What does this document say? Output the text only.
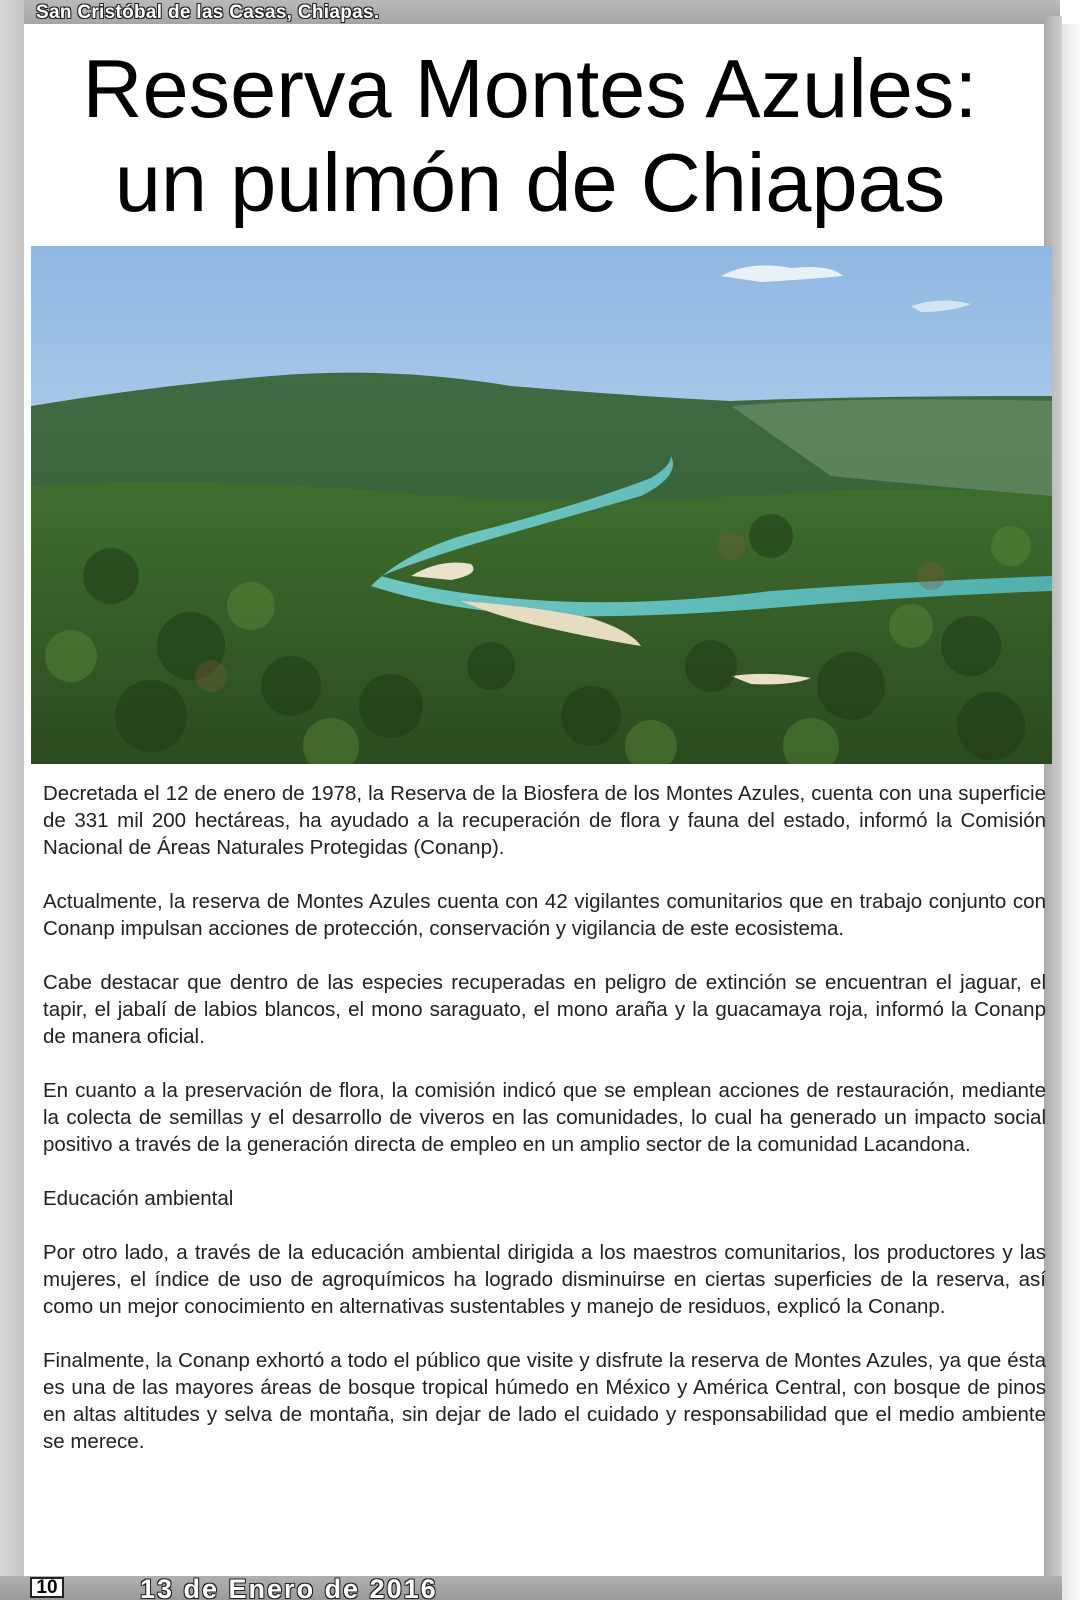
San Cristóbal de las Casas, Chiapas.
Reserva Montes Azules:
un pulmón de Chiapas

Decretada el 12 de enero de 1978, la Reserva de la Biosfera de los Montes Azules, cuenta con una superficie de 331 mil 200 hectáreas, ha ayudado a la recuperación de flora y fauna del estado, informó la Comisión Nacional de Áreas Naturales Protegidas (Conanp).

Actualmente, la reserva de Montes Azules cuenta con 42 vigilantes comunitarios que en trabajo conjunto con Conanp impulsan acciones de protección, conservación y vigilancia de este ecosistema.

Cabe destacar que dentro de las especies recuperadas en peligro de extinción se encuentran el jaguar, el tapir, el jabalí de labios blancos, el mono saraguato, el mono araña y la guacamaya roja, informó la Conanp de manera oficial.

En cuanto a la preservación de flora, la comisión indicó que se emplean acciones de restauración, mediante la colecta de semillas y el desarrollo de viveros en las comunidades, lo cual ha generado un impacto social positivo a través de la generación directa de empleo en un amplio sector de la comunidad Lacandona.

Educación ambiental

Por otro lado, a través de la educación ambiental dirigida a los maestros comunitarios, los productores y las mujeres, el índice de uso de agroquímicos ha logrado disminuirse en ciertas superficies de la reserva, así como un mejor conocimiento en alternativas sustentables y manejo de residuos, explicó la Conanp.

Finalmente, la Conanp exhortó a todo el público que visite y disfrute la reserva de Montes Azules, ya que ésta es una de las mayores áreas de bosque tropical húmedo en México y América Central, con bosque de pinos en altas altitudes y selva de montaña, sin dejar de lado el cuidado y responsabilidad que el medio ambiente se merece.

10	13 de Enero de 2016
